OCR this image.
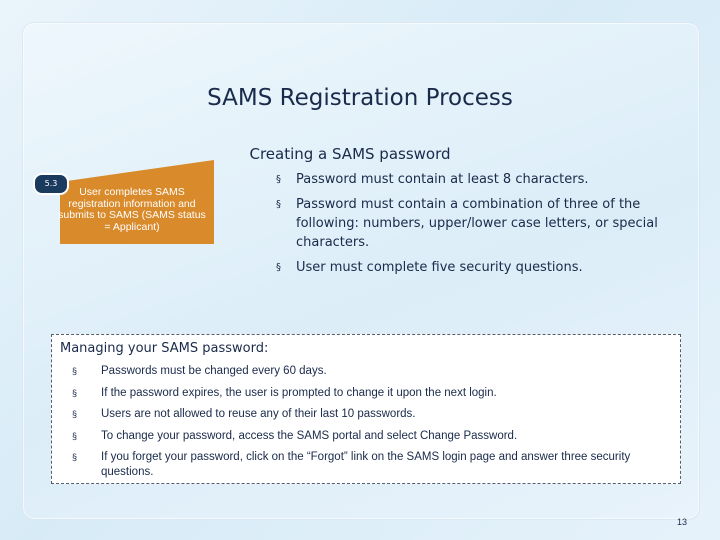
SAMS Registration Process
Creating a SAMS password
5.3
User completes SAMS registration information and submits to SAMS (SAMS status = Applicant)
§ Password must contain at least 8 characters.
§ Password must contain a combination of three of the following: numbers, upper/lower case letters, or special characters.
§ User must complete five security questions.
Managing your SAMS password:
§ Passwords must be changed every 60 days.
§ If the password expires, the user is prompted to change it upon the next login.
§ Users are not allowed to reuse any of their last 10 passwords.
§ To change your password, access the SAMS portal and select Change Password.
§ If you forget your password, click on the “Forgot” link on the SAMS login page and answer three security questions.
13
